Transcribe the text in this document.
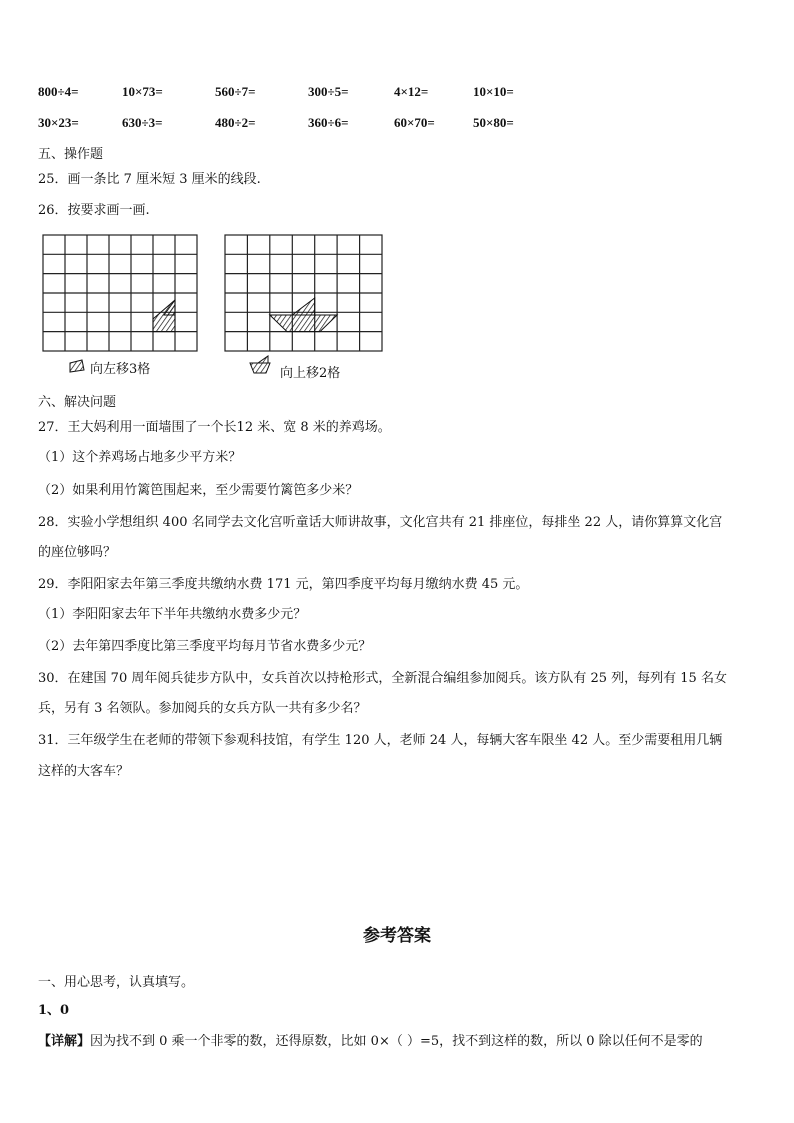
800÷4=	10×73=	560÷7=	300÷5=	4×12=	10×10=
30×23=	630÷3=	480÷2=	360÷6=	60×70=	50×80=
五、操作题
25．画一条比 7 厘米短 3 厘米的线段.
26．按要求画一画.
向左移3格	向上移2格
六、解决问题
27．王大妈利用一面墙围了一个长12 米、宽 8 米的养鸡场。
（1）这个养鸡场占地多少平方米？
（2）如果利用竹篱笆围起来，至少需要竹篱笆多少米？
28．实验小学想组织 400 名同学去文化宫听童话大师讲故事，文化宫共有 21 排座位，每排坐 22 人，请你算算文化宫
的座位够吗？
29．李阳阳家去年第三季度共缴纳水费 171 元，第四季度平均每月缴纳水费 45 元。
（1）李阳阳家去年下半年共缴纳水费多少元？
（2）去年第四季度比第三季度平均每月节省水费多少元？
30．在建国 70 周年阅兵徒步方队中，女兵首次以持枪形式，全新混合编组参加阅兵。该方队有 25 列，每列有 15 名女
兵，另有 3 名领队。参加阅兵的女兵方队一共有多少名？
31．三年级学生在老师的带领下参观科技馆，有学生 120 人，老师 24 人，每辆大客车限坐 42 人。至少需要租用几辆
这样的大客车？
参考答案
一、用心思考，认真填写。
1、0
【详解】因为找不到 0 乘一个非零的数，还得原数，比如 0×（ ）=5，找不到这样的数，所以 0 除以任何不是零的
